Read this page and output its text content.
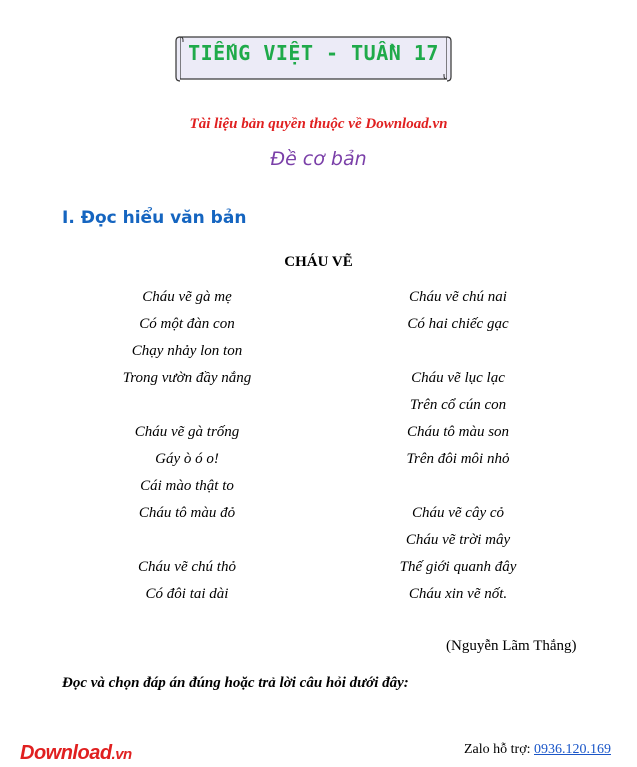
TIẾNG VIỆT - TUẦN 17
Tài liệu bản quyền thuộc về Download.vn
Đề cơ bản
I. Đọc hiểu văn bản
CHÁU VẼ
Cháu vẽ gà mẹ
Có một đàn con
Chạy nhảy lon ton
Trong vườn đầy nắng
Cháu vẽ gà trống
Gáy ò ó o!
Cái mào thật to
Cháu tô màu đỏ
Cháu vẽ chú thỏ
Có đôi tai dài
Cháu vẽ chú nai
Có hai chiếc gạc
Cháu vẽ lục lạc
Trên cổ cún con
Cháu tô màu son
Trên đôi môi nhỏ
Cháu vẽ cây cỏ
Cháu vẽ trời mây
Thế giới quanh đây
Cháu xin vẽ nốt.
(Nguyễn Lãm Thắng)
Đọc và chọn đáp án đúng hoặc trả lời câu hỏi dưới đây:
Download.vn	Zalo hỗ trợ: 0936.120.169
